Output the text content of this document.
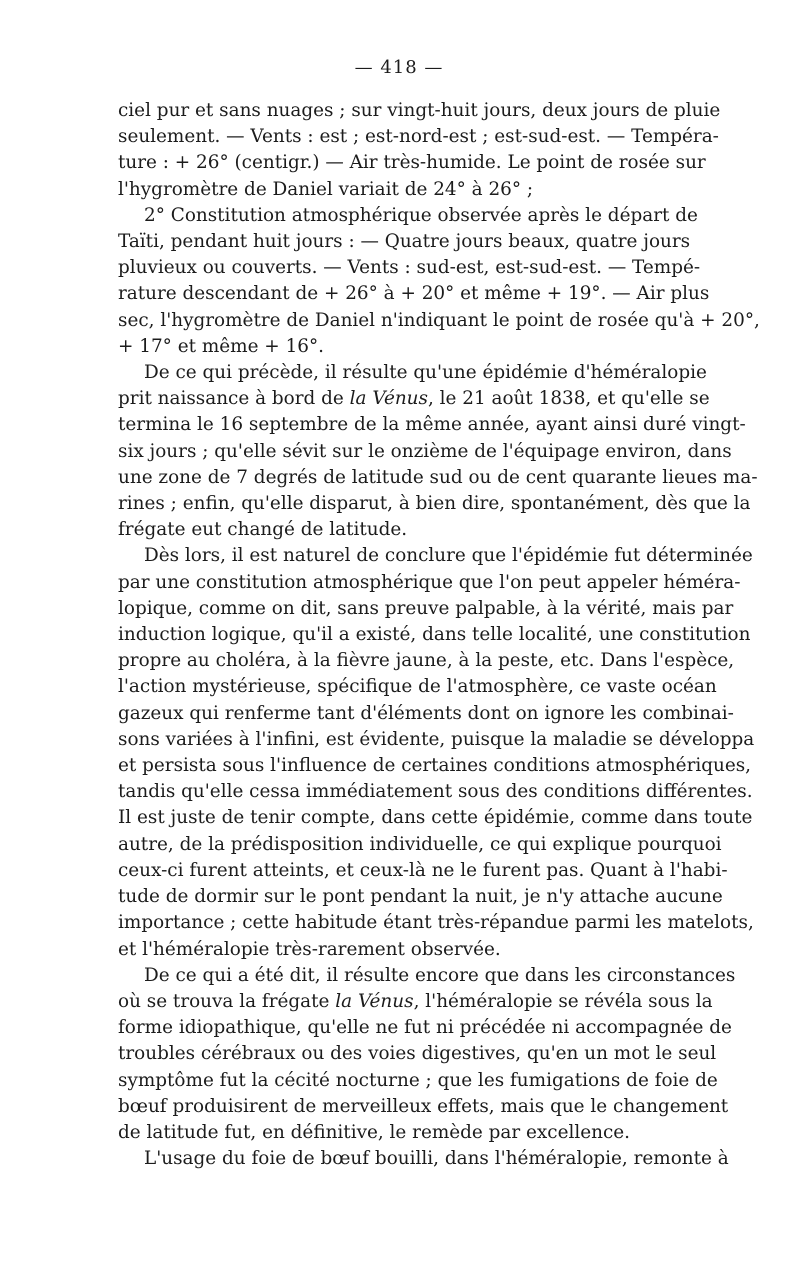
— 418 —

ciel pur et sans nuages ; sur vingt-huit jours, deux jours de pluie
seulement. — Vents : est ; est-nord-est ; est-sud-est. — Tempéra-
ture : + 26° (centigr.) — Air très-humide. Le point de rosée sur
l'hygromètre de Daniel variait de 24° à 26° ;

2° Constitution atmosphérique observée après le départ de
Taïti, pendant huit jours : — Quatre jours beaux, quatre jours
pluvieux ou couverts. — Vents : sud-est, est-sud-est. — Tempé-
rature descendant de + 26° à + 20° et même + 19°. — Air plus
sec, l'hygromètre de Daniel n'indiquant le point de rosée qu'à + 20°,
+ 17° et même + 16°.

De ce qui précède, il résulte qu'une épidémie d'héméralopie
prit naissance à bord de la Vénus, le 21 août 1838, et qu'elle se
termina le 16 septembre de la même année, ayant ainsi duré vingt-
six jours ; qu'elle sévit sur le onzième de l'équipage environ, dans
une zone de 7 degrés de latitude sud ou de cent quarante lieues ma-
rines ; enfin, qu'elle disparut, à bien dire, spontanément, dès que la
frégate eut changé de latitude.

Dès lors, il est naturel de conclure que l'épidémie fut déterminée
par une constitution atmosphérique que l'on peut appeler héméra-
lopique, comme on dit, sans preuve palpable, à la vérité, mais par
induction logique, qu'il a existé, dans telle localité, une constitution
propre au choléra, à la fièvre jaune, à la peste, etc. Dans l'espèce,
l'action mystérieuse, spécifique de l'atmosphère, ce vaste océan
gazeux qui renferme tant d'éléments dont on ignore les combinai-
sons variées à l'infini, est évidente, puisque la maladie se développa
et persista sous l'influence de certaines conditions atmosphériques,
tandis qu'elle cessa immédiatement sous des conditions différentes.
Il est juste de tenir compte, dans cette épidémie, comme dans toute
autre, de la prédisposition individuelle, ce qui explique pourquoi
ceux-ci furent atteints, et ceux-là ne le furent pas. Quant à l'habi-
tude de dormir sur le pont pendant la nuit, je n'y attache aucune
importance ; cette habitude étant très-répandue parmi les matelots,
et l'héméralopie très-rarement observée.

De ce qui a été dit, il résulte encore que dans les circonstances
où se trouva la frégate la Vénus, l'héméralopie se révéla sous la
forme idiopathique, qu'elle ne fut ni précédée ni accompagnée de
troubles cérébraux ou des voies digestives, qu'en un mot le seul
symptôme fut la cécité nocturne ; que les fumigations de foie de
bœuf produisirent de merveilleux effets, mais que le changement
de latitude fut, en définitive, le remède par excellence.

L'usage du foie de bœuf bouilli, dans l'héméralopie, remonte à
